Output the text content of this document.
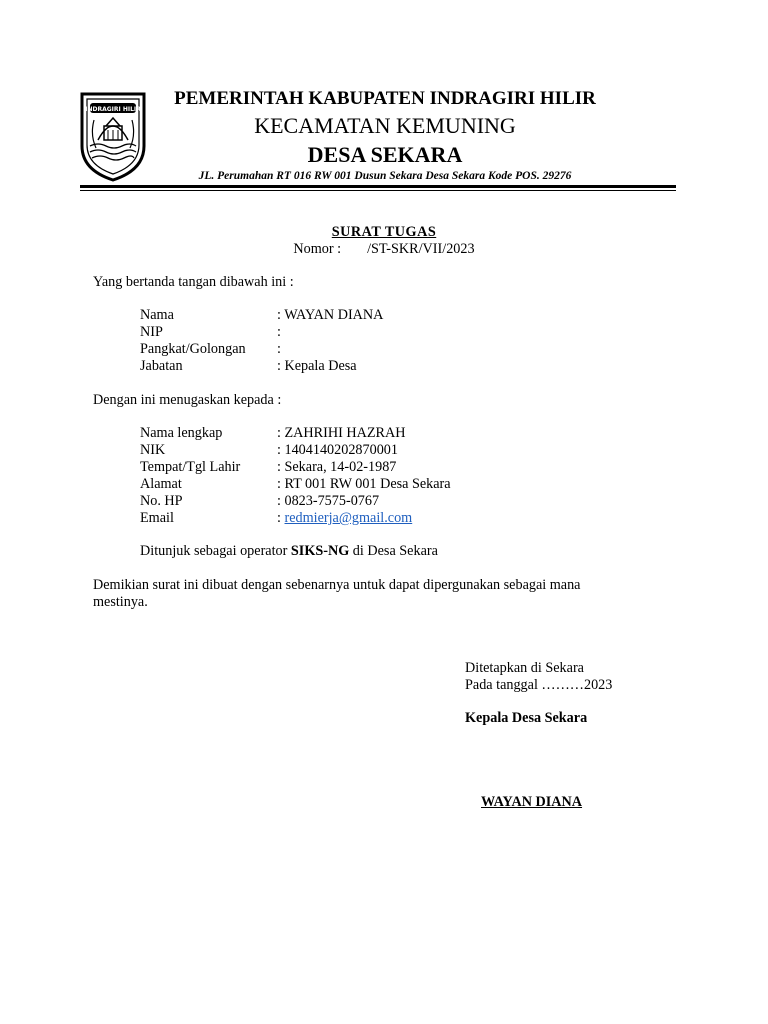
INDRAGIRI HILIR
PEMERINTAH KABUPATEN INDRAGIRI HILIR
KECAMATAN KEMUNING
DESA SEKARA
JL. Perumahan RT 016 RW 001 Dusun Sekara Desa Sekara Kode POS. 29276
SURAT TUGAS
Nomor : /ST-SKR/VII/2023
Yang bertanda tangan dibawah ini :
Nama	: WAYAN DIANA
NIP	:
Pangkat/Golongan :
Jabatan	: Kepala Desa
Dengan ini menugaskan kepada :
Nama lengkap	: ZAHRIHI HAZRAH
NIK	: 1404140202870001
Tempat/Tgl Lahir	: Sekara, 14-02-1987
Alamat	: RT 001 RW 001 Desa Sekara
No. HP	: 0823-7575-0767
Email	: redmierja@gmail.com
Ditunjuk sebagai operator SIKS-NG di Desa Sekara
Demikian surat ini dibuat dengan sebenarnya untuk dapat dipergunakan sebagai mana
mestinya.
Ditetapkan di Sekara
Pada tanggal ………2023
Kepala Desa Sekara
WAYAN DIANA
